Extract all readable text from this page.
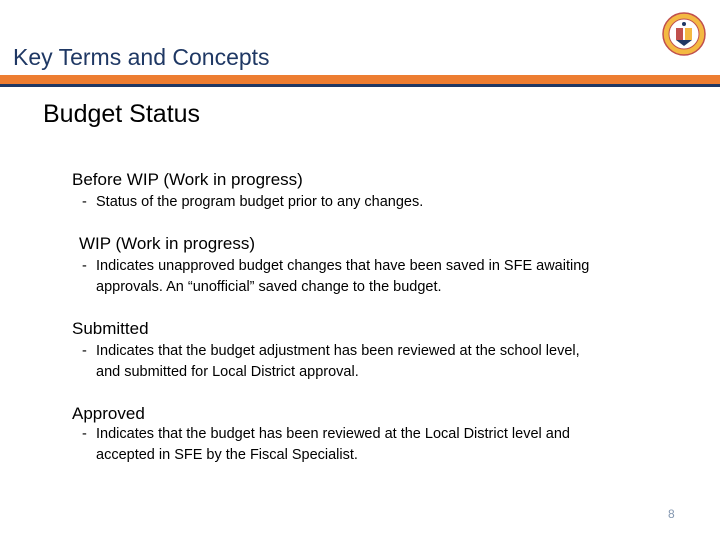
Key Terms and Concepts
Budget Status
Before WIP (Work in progress)
- Status of the program budget prior to any changes.
WIP (Work in progress)
- Indicates unapproved budget changes that have been saved in SFE awaiting
approvals. An “unofficial” saved change to the budget.
Submitted
- Indicates that the budget adjustment has been reviewed at the school level,
and submitted for Local District approval.
Approved
- Indicates that the budget has been reviewed at the Local District level and
accepted in SFE by the Fiscal Specialist.
8
